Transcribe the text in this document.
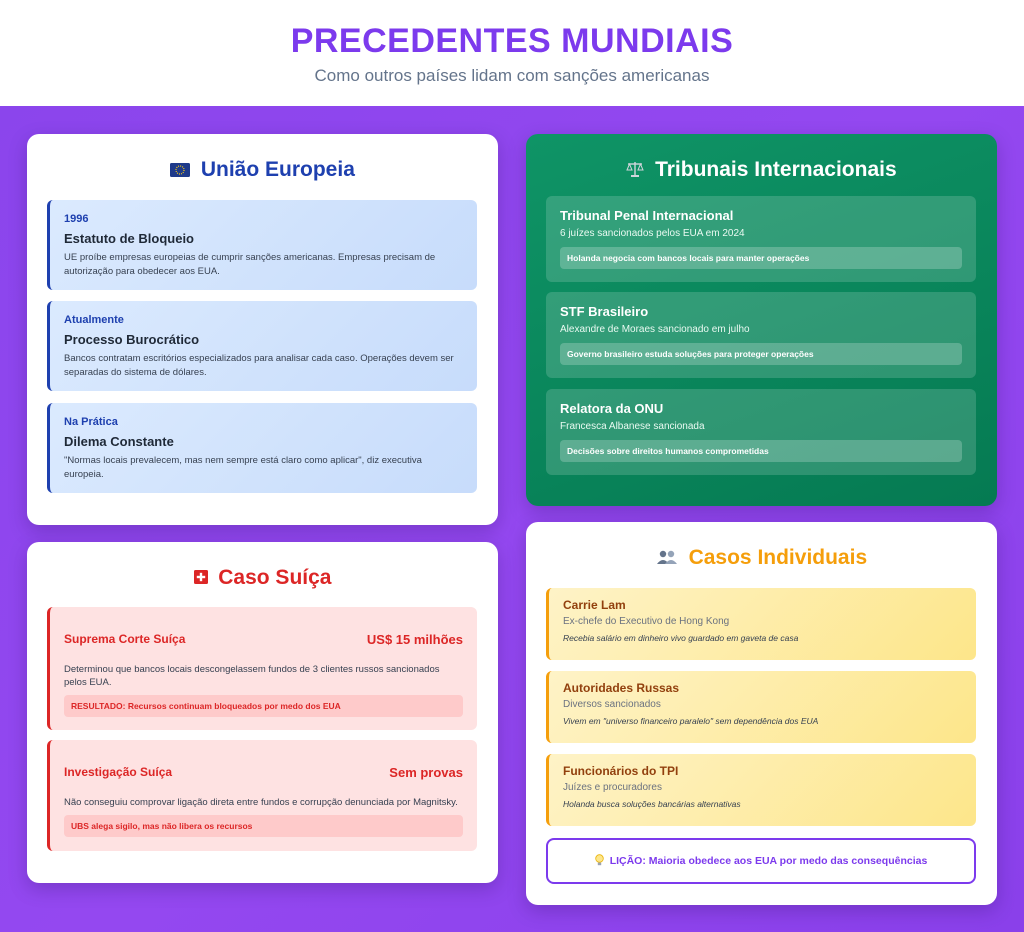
PRECEDENTES MUNDIAIS
Como outros países lidam com sanções americanas
União Europeia
1996
Estatuto de Bloqueio
UE proíbe empresas europeias de cumprir sanções americanas. Empresas precisam de autorização para obedecer aos EUA.
Atualmente
Processo Burocrático
Bancos contratam escritórios especializados para analisar cada caso. Operações devem ser separadas do sistema de dólares.
Na Prática
Dilema Constante
"Normas locais prevalecem, mas nem sempre está claro como aplicar", diz executiva europeia.
Tribunais Internacionais
Tribunal Penal Internacional
6 juízes sancionados pelos EUA em 2024
Holanda negocia com bancos locais para manter operações
STF Brasileiro
Alexandre de Moraes sancionado em julho
Governo brasileiro estuda soluções para proteger operações
Relatora da ONU
Francesca Albanese sancionada
Decisões sobre direitos humanos comprometidas
Caso Suíça
Suprema Corte Suíça	US$ 15 milhões
Determinou que bancos locais descongelassem fundos de 3 clientes russos sancionados pelos EUA.
RESULTADO: Recursos continuam bloqueados por medo dos EUA
Investigação Suíça	Sem provas
Não conseguiu comprovar ligação direta entre fundos e corrupção denunciada por Magnitsky.
UBS alega sigilo, mas não libera os recursos
Casos Individuais
Carrie Lam
Ex-chefe do Executivo de Hong Kong
Recebia salário em dinheiro vivo guardado em gaveta de casa
Autoridades Russas
Diversos sancionados
Vivem em "universo financeiro paralelo" sem dependência dos EUA
Funcionários do TPI
Juízes e procuradores
Holanda busca soluções bancárias alternativas
LIÇÃO: Maioria obedece aos EUA por medo das consequências
